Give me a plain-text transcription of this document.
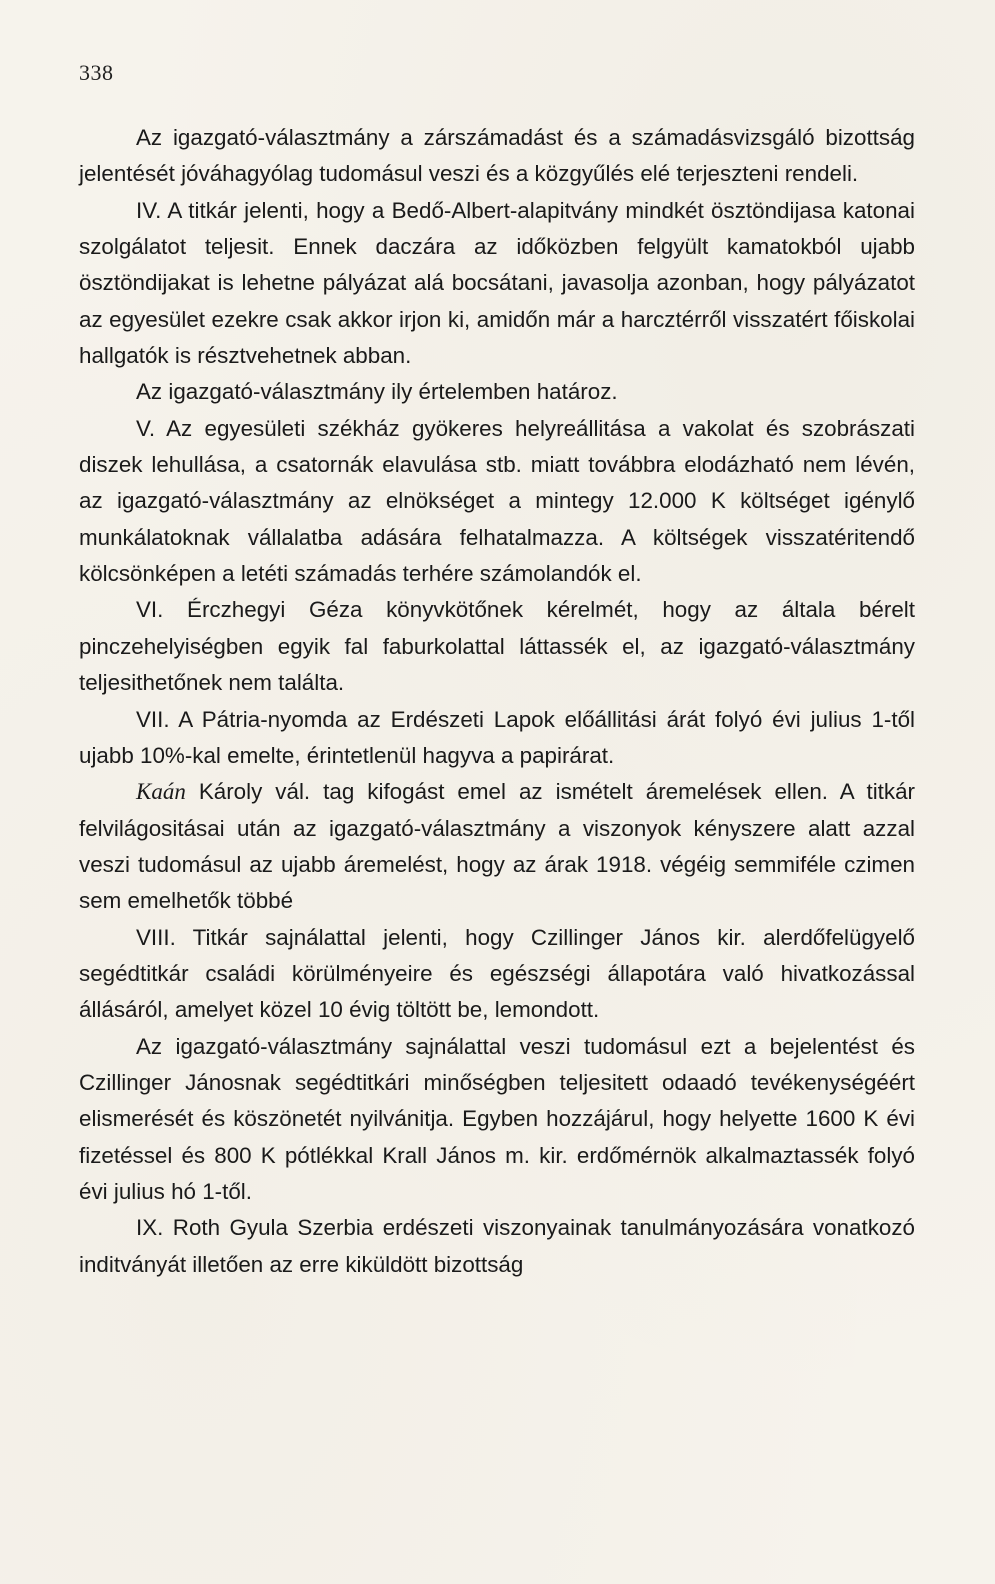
338

Az igazgató-választmány a zárszámadást és a számadásvizsgáló bizottság jelentését jóváhagyólag tudomásul veszi és a közgyűlés elé terjeszteni rendeli.

IV. A titkár jelenti, hogy a Bedő-Albert-alapitvány mindkét ösztöndijasa katonai szolgálatot teljesit. Ennek daczára az időközben felgyült kamatokból ujabb ösztöndijakat is lehetne pályázat alá bocsátani, javasolja azonban, hogy pályázatot az egyesület ezekre csak akkor irjon ki, amidőn már a harcztérről visszatért főiskolai hallgatók is résztvehetnek abban.

Az igazgató-választmány ily értelemben határoz.

V. Az egyesületi székház gyökeres helyreállitása a vakolat és szobrászati diszek lehullása, a csatornák elavulása stb. miatt továbbra elodázható nem lévén, az igazgató-választmány az elnökséget a mintegy 12.000 K költséget igénylő munkálatoknak vállalatba adására felhatalmazza. A költségek visszatéritendő kölcsönképen a letéti számadás terhére számolandók el.

VI. Érczhegyi Géza könyvkötőnek kérelmét, hogy az általa bérelt pinczehelyiségben egyik fal faburkolattal láttassék el, az igazgató-választmány teljesithetőnek nem találta.

VII. A Pátria-nyomda az Erdészeti Lapok előállitási árát folyó évi julius 1-től ujabb 10%-kal emelte, érintetlenül hagyva a papirárat.

Kaán Károly vál. tag kifogást emel az ismételt áremelések ellen. A titkár felvilágositásai után az igazgató-választmány a viszonyok kényszere alatt azzal veszi tudomásul az ujabb áremelést, hogy az árak 1918. végéig semmiféle czimen sem emelhetők többé

VIII. Titkár sajnálattal jelenti, hogy Czillinger János kir. alerdőfelügyelő segédtitkár családi körülményeire és egészségi állapotára való hivatkozással állásáról, amelyet közel 10 évig töltött be, lemondott.

Az igazgató-választmány sajnálattal veszi tudomásul ezt a bejelentést és Czillinger Jánosnak segédtitkári minőségben teljesitett odaadó tevékenységéért elismerését és köszönetét nyilvánitja. Egyben hozzájárul, hogy helyette 1600 K évi fizetéssel és 800 K pótlékkal Krall János m. kir. erdőmérnök alkalmaztassék folyó évi julius hó 1-től.

IX. Roth Gyula Szerbia erdészeti viszonyainak tanulmányozására vonatkozó inditványát illetően az erre kiküldött bizottság
